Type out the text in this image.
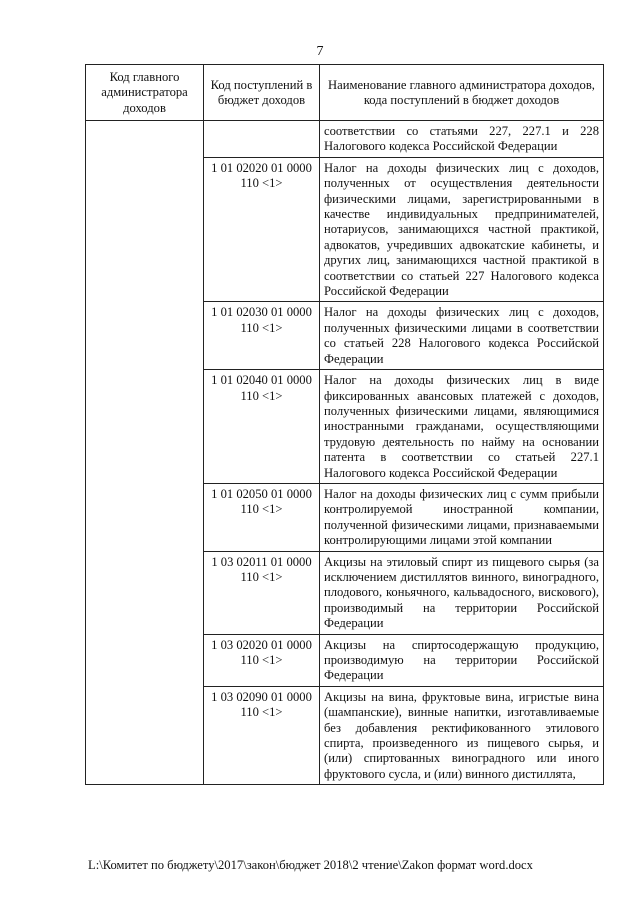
7
Код главного администратора доходов	Код поступлений в бюджет доходов	Наименование главного администратора доходов, кода поступлений в бюджет доходов
		соответствии со статьями 227, 227.1 и 228 Налогового кодекса Российской Федерации
	1 01 02020 01 0000 110 <1>	Налог на доходы физических лиц с доходов, полученных от осуществления деятельности физическими лицами, зарегистрированными в качестве индивидуальных предпринимателей, нотариусов, занимающихся частной практикой, адвокатов, учредивших адвокатские кабинеты, и других лиц, занимающихся частной практикой в соответствии со статьей 227 Налогового кодекса Российской Федерации
	1 01 02030 01 0000 110 <1>	Налог на доходы физических лиц с доходов, полученных физическими лицами в соответствии со статьей 228 Налогового кодекса Российской Федерации
	1 01 02040 01 0000 110 <1>	Налог на доходы физических лиц в виде фиксированных авансовых платежей с доходов, полученных физическими лицами, являющимися иностранными гражданами, осуществляющими трудовую деятельность по найму на основании патента в соответствии со статьей 227.1 Налогового кодекса Российской Федерации
	1 01 02050 01 0000 110 <1>	Налог на доходы физических лиц с сумм прибыли контролируемой иностранной компании, полученной физическими лицами, признаваемыми контролирующими лицами этой компании
	1 03 02011 01 0000 110 <1>	Акцизы на этиловый спирт из пищевого сырья (за исключением дистиллятов винного, виноградного, плодового, коньячного, кальвадосного, вискового), производимый на территории Российской Федерации
	1 03 02020 01 0000 110 <1>	Акцизы на спиртосодержащую продукцию, производимую на территории Российской Федерации
	1 03 02090 01 0000 110 <1>	Акцизы на вина, фруктовые вина, игристые вина (шампанские), винные напитки, изготавливаемые без добавления ректификованного этилового спирта, произведенного из пищевого сырья, и (или) спиртованных виноградного или иного фруктового сусла, и (или) винного дистиллята,
L:\Комитет по бюджету\2017\закон\бюджет 2018\2 чтение\Zakon формат word.docx
